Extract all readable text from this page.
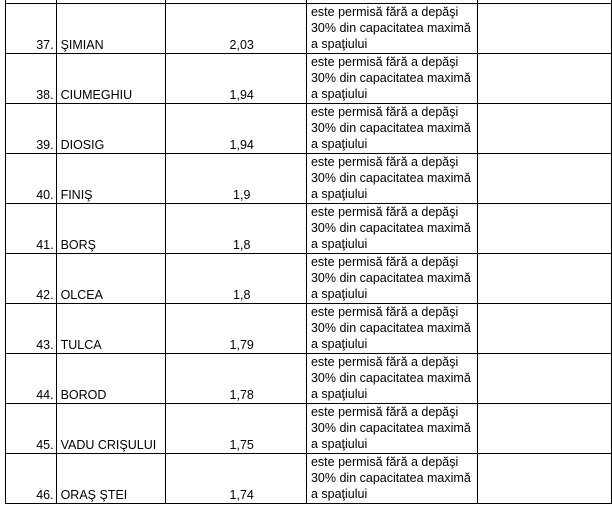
37.	ŞIMIAN	2,03	este permisă fără a depăşi
30% din capacitatea maximă
a spaţiului	

38.	CIUMEGHIU	1,94	este permisă fără a depăşi
30% din capacitatea maximă
a spaţiului	

39.	DIOSIG	1,94	este permisă fără a depăşi
30% din capacitatea maximă
a spaţiului	

40.	FINIŞ	1,9	este permisă fără a depăşi
30% din capacitatea maximă
a spaţiului	

41.	BORŞ	1,8	este permisă fără a depăşi
30% din capacitatea maximă
a spaţiului	

42.	OLCEA	1,8	este permisă fără a depăşi
30% din capacitatea maximă
a spaţiului	

43.	TULCA	1,79	este permisă fără a depăşi
30% din capacitatea maximă
a spaţiului	

44.	BOROD	1,78	este permisă fără a depăşi
30% din capacitatea maximă
a spaţiului	

45.	VADU CRIŞULUI	1,75	este permisă fără a depăşi
30% din capacitatea maximă
a spaţiului	

46.	ORAŞ ŞTEI	1,74	este permisă fără a depăşi
30% din capacitatea maximă
a spaţiului	
